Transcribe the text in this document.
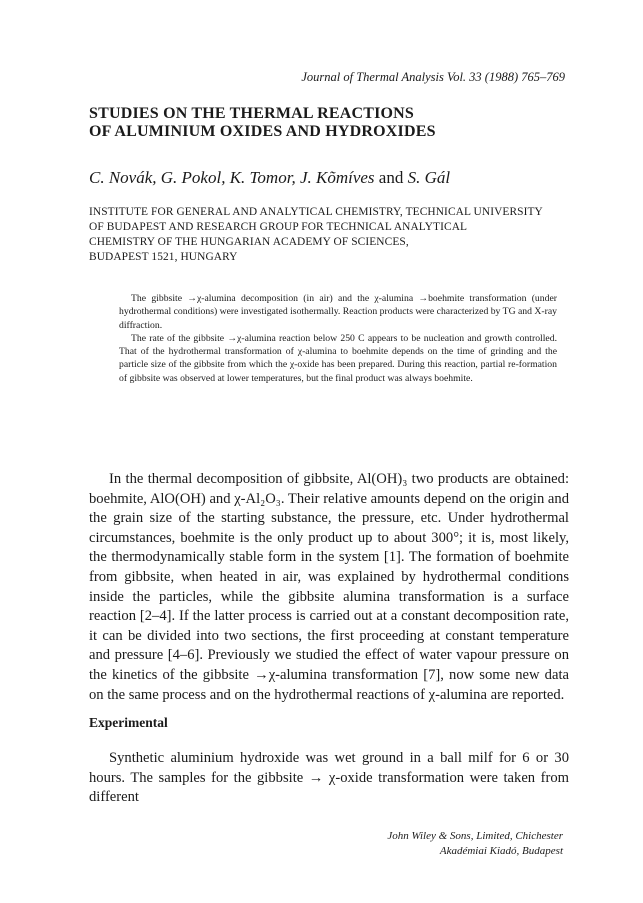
Journal of Thermal Analysis Vol. 33 (1988) 765–769
STUDIES ON THE THERMAL REACTIONS
OF ALUMINIUM OXIDES AND HYDROXIDES
C. Novák, G. Pokol, K. Tomor, J. Kõmíves and S. Gál
INSTITUTE FOR GENERAL AND ANALYTICAL CHEMISTRY, TECHNICAL UNIVERSITY
OF BUDAPEST AND RESEARCH GROUP FOR TECHNICAL ANALYTICAL
CHEMISTRY OF THE HUNGARIAN ACADEMY OF SCIENCES,
BUDAPEST 1521, HUNGARY

The gibbsite →χ-alumina decomposition (in air) and the χ-alumina →boehmite transformation (under hydrothermal conditions) were investigated isothermally. Reaction products were characterized by TG and X-ray diffraction.

The rate of the gibbsite →χ-alumina reaction below 250 C appears to be nucleation and growth controlled. That of the hydrothermal transformation of χ-alumina to boehmite depends on the time of grinding and the particle size of the gibbsite from which the χ-oxide has been prepared. During this reaction, partial re-formation of gibbsite was observed at lower temperatures, but the final product was always boehmite.

In the thermal decomposition of gibbsite, Al(OH)₃ two products are obtained: boehmite, AlO(OH) and χ-Al₂O₃. Their relative amounts depend on the origin and the grain size of the starting substance, the pressure, etc. Under hydrothermal circumstances, boehmite is the only product up to about 300°; it is, most likely, the thermodynamically stable form in the system [1]. The formation of boehmite from gibbsite, when heated in air, was explained by hydrothermal conditions inside the particles, while the gibbsite alumina transformation is a surface reaction [2–4]. If the latter process is carried out at a constant decomposition rate, it can be divided into two sections, the first proceeding at constant temperature and pressure [4–6]. Previously we studied the effect of water vapour pressure on the kinetics of the gibbsite →χ-alumina transformation [7], now some new data on the same process and on the hydrothermal reactions of χ-alumina are reported.

Experimental

Synthetic aluminium hydroxide was wet ground in a ball milf for 6 or 30 hours. The samples for the gibbsite → χ-oxide transformation were taken from different

John Wiley & Sons, Limited, Chichester
Akadémiai Kiadó, Budapest
